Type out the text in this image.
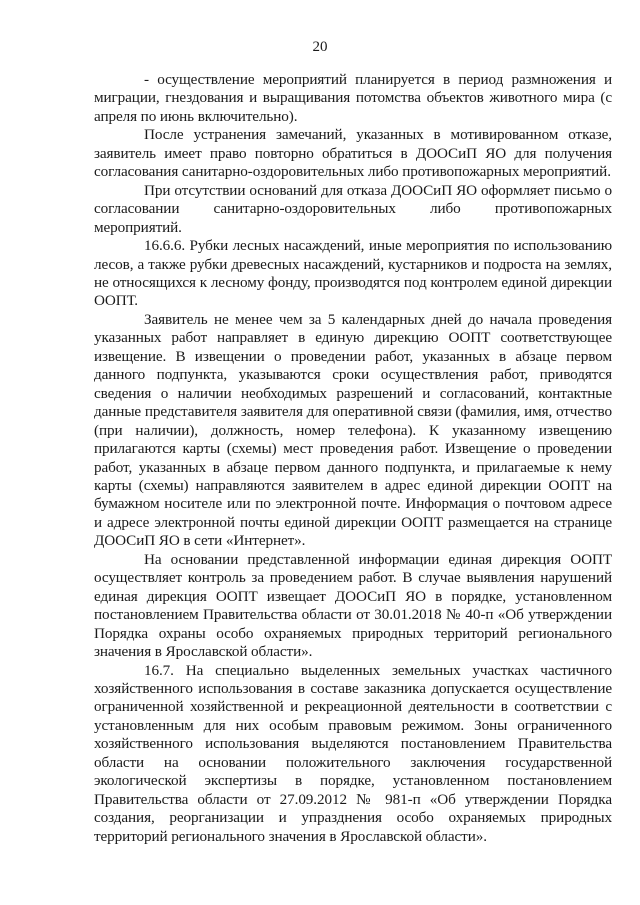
20

- осуществление мероприятий планируется в период размножения и миграции, гнездования и выращивания потомства объектов животного мира (с апреля по июнь включительно).

После устранения замечаний, указанных в мотивированном отказе, заявитель имеет право повторно обратиться в ДООСиП ЯО для получения согласования санитарно-оздоровительных либо противопожарных мероприятий.

При отсутствии оснований для отказа ДООСиП ЯО оформляет письмо о согласовании санитарно-оздоровительных либо противопожарных мероприятий.

16.6.6. Рубки лесных насаждений, иные мероприятия по использованию лесов, а также рубки древесных насаждений, кустарников и подроста на землях, не относящихся к лесному фонду, производятся под контролем единой дирекции ООПТ.

Заявитель не менее чем за 5 календарных дней до начала проведения указанных работ направляет в единую дирекцию ООПТ соответствующее извещение. В извещении о проведении работ, указанных в абзаце первом данного подпункта, указываются сроки осуществления работ, приводятся сведения о наличии необходимых разрешений и согласований, контактные данные представителя заявителя для оперативной связи (фамилия, имя, отчество (при наличии), должность, номер телефона). К указанному извещению прилагаются карты (схемы) мест проведения работ. Извещение о проведении работ, указанных в абзаце первом данного подпункта, и прилагаемые к нему карты (схемы) направляются заявителем в адрес единой дирекции ООПТ на бумажном носителе или по электронной почте. Информация о почтовом адресе и адресе электронной почты единой дирекции ООПТ размещается на странице ДООСиП ЯО в сети «Интернет».

На основании представленной информации единая дирекция ООПТ осуществляет контроль за проведением работ. В случае выявления нарушений единая дирекция ООПТ извещает ДООСиП ЯО в порядке, установленном постановлением Правительства области от 30.01.2018 № 40-п «Об утверждении Порядка охраны особо охраняемых природных территорий регионального значения в Ярославской области».

16.7. На специально выделенных земельных участках частичного хозяйственного использования в составе заказника допускается осуществление ограниченной хозяйственной и рекреационной деятельности в соответствии с установленным для них особым правовым режимом. Зоны ограниченного хозяйственного использования выделяются постановлением Правительства области на основании положительного заключения государственной экологической экспертизы в порядке, установленном постановлением Правительства области от 27.09.2012 № 981-п «Об утверждении Порядка создания, реорганизации и упразднения особо охраняемых природных территорий регионального значения в Ярославской области».
